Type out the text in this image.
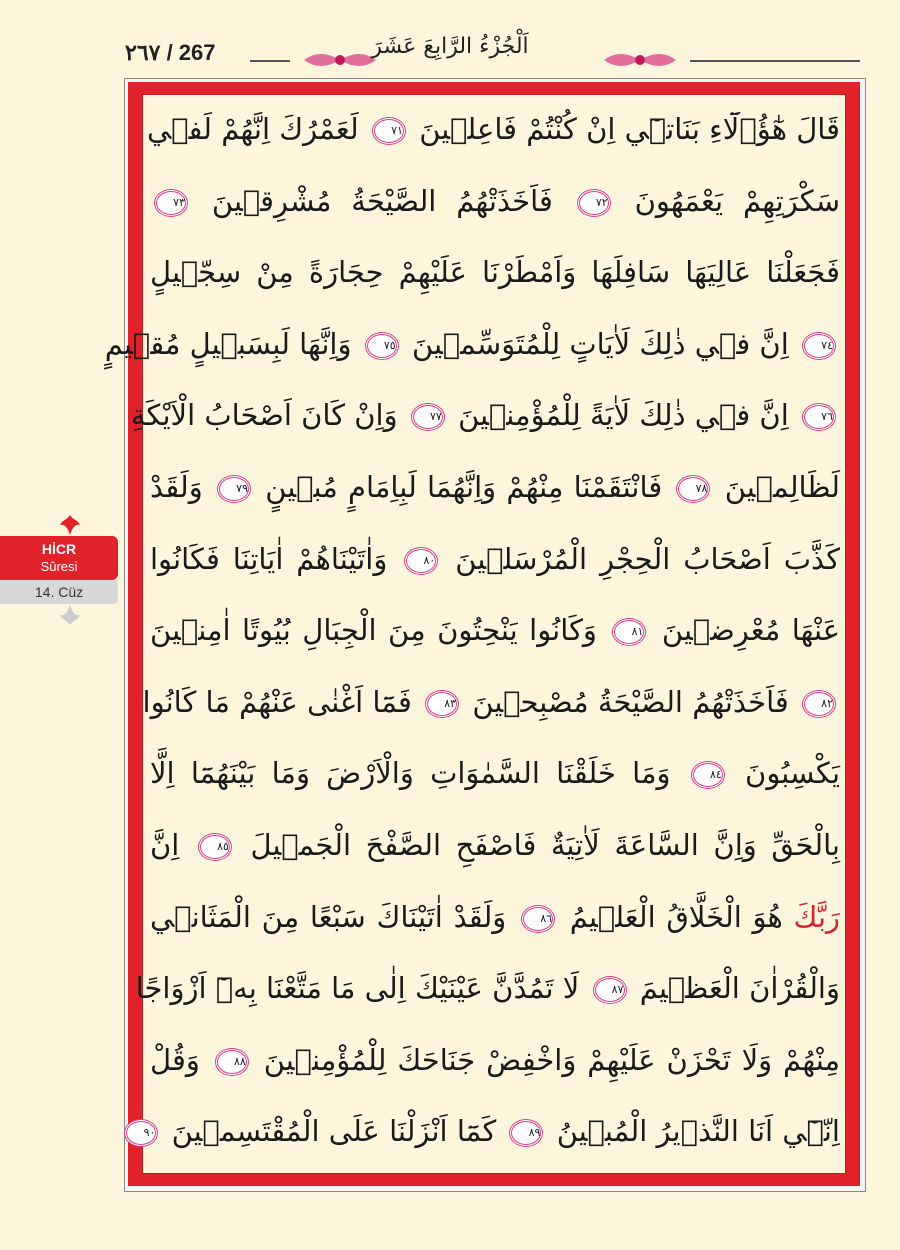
٢٦٧ / 267	اَلْجُزْءُ الرَّابِعَ عَشَرَ
قَالَ هٰٓؤُ۬لَٓاءِ بَنَاتٖٓي اِنْ كُنْتُمْ فَاعِلٖينَ ٧١ لَعَمْرُكَ اِنَّهُمْ لَفٖي
سَكْرَتِهِمْ يَعْمَهُونَ ٧٢ فَاَخَذَتْهُمُ الصَّيْحَةُ مُشْرِقٖينَ ٧٣
فَجَعَلْنَا عَالِيَهَا سَافِلَهَا وَاَمْطَرْنَا عَلَيْهِمْ حِجَارَةً مِنْ سِجّٖيلٍ
٧٤ اِنَّ فٖي ذٰلِكَ لَاٰيَاتٍ لِلْمُتَوَسِّمٖينَ ٧٥ وَاِنَّهَا لَبِسَبٖيلٍ مُقٖيمٍ
٧٦ اِنَّ فٖي ذٰلِكَ لَاٰيَةً لِلْمُؤْمِنٖينَ ٧٧ وَاِنْ كَانَ اَصْحَابُ الْاَيْكَةِ
لَظَالِمٖينَ ٧٨ فَانْتَقَمْنَا مِنْهُمْ وَاِنَّهُمَا لَبِاِمَامٍ مُبٖينٍ ٧٩ وَلَقَدْ
كَذَّبَ اَصْحَابُ الْحِجْرِ الْمُرْسَلٖينَ ٨٠ وَاٰتَيْنَاهُمْ اٰيَاتِنَا فَكَانُوا
عَنْهَا مُعْرِضٖينَ ٨١ وَكَانُوا يَنْحِتُونَ مِنَ الْجِبَالِ بُيُوتًا اٰمِنٖينَ
٨٢ فَاَخَذَتْهُمُ الصَّيْحَةُ مُصْبِحٖينَ ٨٣ فَمَٓا اَغْنٰى عَنْهُمْ مَا كَانُوا
يَكْسِبُونَ ٨٤ وَمَا خَلَقْنَا السَّمٰوَاتِ وَالْاَرْضَ وَمَا بَيْنَهُمَٓا اِلَّا
بِالْحَقِّ وَاِنَّ السَّاعَةَ لَاٰتِيَةٌ فَاصْفَحِ الصَّفْحَ الْجَمٖيلَ ٨٥ اِنَّ
رَبَّكَ هُوَ الْخَلَّاقُ الْعَلٖيمُ ٨٦ وَلَقَدْ اٰتَيْنَاكَ سَبْعًا مِنَ الْمَثَانٖي
وَالْقُرْاٰنَ الْعَظٖيمَ ٨٧ لَا تَمُدَّنَّ عَيْنَيْكَ اِلٰى مَا مَتَّعْنَا بِهٖٓ اَزْوَاجًا
مِنْهُمْ وَلَا تَحْزَنْ عَلَيْهِمْ وَاخْفِضْ جَنَاحَكَ لِلْمُؤْمِنٖينَ ٨٨ وَقُلْ
اِنّٖٓي اَنَا النَّذٖيرُ الْمُبٖينُ ٨٩ كَمَٓا اَنْزَلْنَا عَلَى الْمُقْتَسِمٖينَ ٩٠
HİCR
Sûresi
14. Cüz
